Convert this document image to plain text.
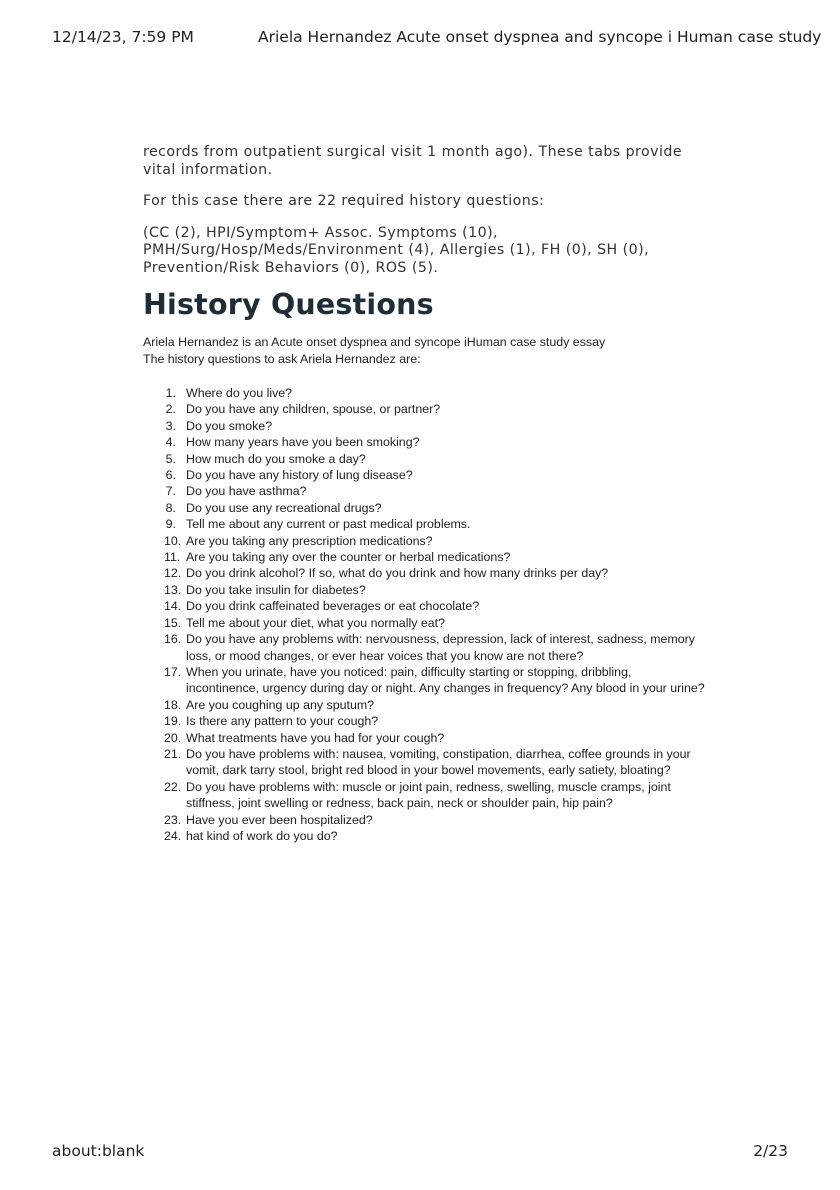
12/14/23, 7:59 PM	Ariela Hernandez Acute onset dyspnea and syncope i Human case study

records from outpatient surgical visit 1 month ago). These tabs provide vital information.

For this case there are 22 required history questions:

(CC (2), HPI/Symptom+ Assoc. Symptoms (10),
PMH/Surg/Hosp/Meds/Environment (4), Allergies (1), FH (0), SH (0),
Prevention/Risk Behaviors (0), ROS (5).

History Questions
Ariela Hernandez is an Acute onset dyspnea and syncope iHuman case study essay
The history questions to ask Ariela Hernandez are:
1. Where do you live?
2. Do you have any children, spouse, or partner?
3. Do you smoke?
4. How many years have you been smoking?
5. How much do you smoke a day?
6. Do you have any history of lung disease?
7. Do you have asthma?
8. Do you use any recreational drugs?
9. Tell me about any current or past medical problems.
10. Are you taking any prescription medications?
11. Are you taking any over the counter or herbal medications?
12. Do you drink alcohol? If so, what do you drink and how many drinks per day?
13. Do you take insulin for diabetes?
14. Do you drink caffeinated beverages or eat chocolate?
15. Tell me about your diet, what you normally eat?
16. Do you have any problems with: nervousness, depression, lack of interest, sadness, memory loss, or mood changes, or ever hear voices that you know are not there?
17. When you urinate, have you noticed: pain, difficulty starting or stopping, dribbling, incontinence, urgency during day or night. Any changes in frequency? Any blood in your urine?
18. Are you coughing up any sputum?
19. Is there any pattern to your cough?
20. What treatments have you had for your cough?
21. Do you have problems with: nausea, vomiting, constipation, diarrhea, coffee grounds in your vomit, dark tarry stool, bright red blood in your bowel movements, early satiety, bloating?
22. Do you have problems with: muscle or joint pain, redness, swelling, muscle cramps, joint stiffness, joint swelling or redness, back pain, neck or shoulder pain, hip pain?
23. Have you ever been hospitalized?
24. hat kind of work do you do?
about:blank	2/23
